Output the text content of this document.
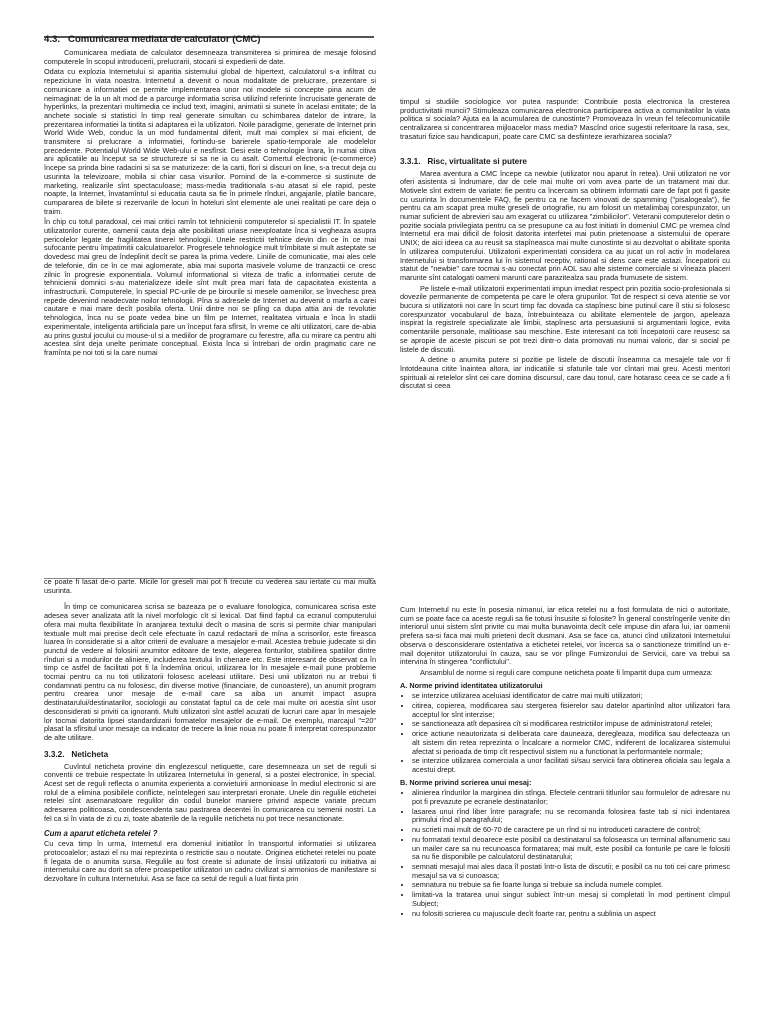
4.3. Comunicarea mediata de calculator (CMC)

Comunicarea mediata de calculator desemneaza transmiterea si primirea de mesaje folosind computerele în scopul introducerii, prelucrarii, stocarii si expedierii de date.

Odata cu explozia Internetului si aparitia sistemului global de hipertext, calculatorul s-a infiltrat cu repeziciune în viata noastra. Internetul a devenit o noua modalitate de prelucrare, prezentare si comunicare a informatiei ce permite implementarea unor noi modele si concepte pina acum de neimaginat: de la un alt mod de a parcurge informatia scrisa utilizînd referinte încrucisate generate de hyperlinks, la prezentari multimedia ce includ text, imagini, animatii si sunete în acelasi entitate; de la anchete sociale si statistici în timp real generate simultan cu schimbarea datelor de intrare, la prezentarea informatiei la tintita si adaptarea ei la utilizatori. Noile paradigme, generate de Internet prin World Wide Web, conduc la un mod fundamental diferit, mult mai complex si mai eficient, de transmitere si prelucrare a informatiei, fortindu-se barierele spatio-temporale ale modelelor precedente. Potentialul World Wide Web-ului e nesfîrsit. Desi este o tehnologie înara, în numai citiva ani aplicatiile au început sa se structureze si sa ne ia cu asalt. Comertul electronic (e-commerce) începe sa prinda bine radacini si sa se maturizeze: de la carti, flori si discuri on line, s-a trecut deja cu usurinta la televizoare, mobila si chiar casa visurilor. Pornind de la e-commerce si sustinute de marketing, realizarile sînt spectaculoase; mass-media traditionala s-au atasat si ele rapid, peste noapte, la Internet, învatamîntul si educatia cauta sa fie în primele rînduri, angajarile, platile bancare, cumpararea de bilete si rezervarile de locuri în hoteluri sînt elemente ale unei realitati pe care deja o traim.

În chip cu totul paradoxal, cei mai critici ramîn tot tehnicienii computerelor si specialistii IT. În spatele utilizatorilor curente, oamenii cauta deja alte posibilitati uriase neexploatate înca si vegheaza asupra pericolelor legate de fragilitatea tinerei tehnologii. Unele restrictii tehnice devin din ce în ce mai sufocante pentru împatimitii calculatoarelor. Progresele tehnologice mult trîmbitate si mult asteptate se dovedesc mai greu de îndeplinit decît se parea la prima vedere. Liniile de comunicatie, mai ales cele de telefonie, din ce în ce mai aglomerate, abia mai suporta masivele volume de tranzactii ce cresc zilnic în progresie exponentiala. Volumul informational si viteza de trafic a informatiei cerute de tehnicienii domnici s-au materializeze ideile sînt mult prea mari fata de capacitatea existenta a infrastructurii. Computerele, în special PC-urile de pe birourile si mesele oamenilor, se învechesc prea repede devenind neadecvate noilor tehnologii. Pîna si adresele de Internet au devenit o marfa a carei cautare e mai mare decît posibila oferta. Unii dintre noi se plîng ca dupa attia ani de revolutie tehnologica, înca nu se poate vedea bine un film pe Internet, realitatea virtuala e înca în stadii experimentale, inteligenta artificiala pare un început fara sfîrsit, în vreme ce alti utilizatori, care de-abia au prins gustul jocului cu mouse-ul si a mediilor de programare cu ferestre, afla cu mirare ca pentru alti acestea sînt deja unelte perimate conceptual. Exista înca si întrebari de ordin pragmatic care ne framînta pe noi toti si la care numai

timpul si studiile sociologice vor putea raspunde: Contribuie posta electronica la cresterea productivitatii muncii? Stimuleaza comunicarea electronica participarea activa a comunitatilor la viata politica si sociala? Ajuta ea la acumularea de cunostinte? Promoveaza în vreun fel telecomunicatiile centralizarea si concentrarea mijloacelor mass media? Mascînd orice sugestii referitoare la rasa, sex, trasaturi fizice sau handicapuri, poate care CMC sa desfiinteze ierarhizarea sociala?

3.3.1. Risc, virtualitate si putere

Marea aventura a CMC începe ca newbie (utilizator nou aparut în retea). Unii utilizatori ne vor oferi asistenta si îndrumare, dar de cele mai multe ori vom avea parte de un tratament mai dur. Motivele sînt extrem de variate: fie pentru ca încercam sa obtinem informatii care de fapt pot fi gasite cu usurinta în documentele FAQ, fie pentru ca ne facem vinovati de spamming ("pisalogeala"), fie pentru ca am scapat prea multe greseli de ortografie, nu am folosit un metalimbaj corespunzator, un numar suficient de abrevieri sau am exagerat cu utilizarea "zimbilicilor". Veteranii computerelor detin o pozitie sociala privilegiata pentru ca se presupune ca au fost initiati în domeniul CMC pe vremea cînd Internetul era mai dificil de folosit datorita interfetei mai putin prietenoase a sistemului de operare UNIX; de aici ideea ca au reusit sa stapîneasca mai multe cunostinte si au dezvoltat o abilitate sporita în utilizarea computerului. Utilizatorii experimentati considera ca au jucat un rol activ în modelarea Internetului si transformarea lui în sistemul receptiv, rational si dens care este astazi. Începatorii cu statut de "newbie" care tocmai s-au conectat prin AOL sau alte sisteme comerciale si vîneaza placeri marunte sînt catalogati oameni marunti care parazitealza sau prada frumusete de sistem.

Pe listele e-mail utilizatorii experimentati impun imediat respect prin pozitia socio-profesionala si dovezile permanente de competenta pe care le ofera grupurilor. Tot de respect si ceva atentie se vor bucura si utilizatorii noi care în scurt timp fac dovada ca stapînesc bine putinul care îl stiu si folosesc corespunzator vocabularul de baza, întrebuinteaza cu abilitate elementele de jargon, apeleaza inspirat la registrele specializate ale limbii, stapînesc arta persuasiunii si argumentarii logice, evita comentariile personale, malitioase sau meschine. Este interesant ca toti începatorii care reusesc sa se apropie de aceste piscuri se pot trezi dintr-o data promovati nu numai valoric, dar si social pe listele de discutii.

A detine o anumita putere si pozitie pe listele de discutii înseamna ca mesajele tale vor fi întotdeauna citite înaintea altora, iar indicatiile si sfaturile tale vor cîntari mai greu. Acesti mentori spirituali ai retelelor sînt cei care domina discursul, care dau tonul, care hotarasc ceea ce se cade a fi discutat si ceea

ce poate fi lasat de-o parte. Micile lor greseli mai pot fi trecute cu vederea sau iertate cu mai multa usurinta.

În timp ce comunicarea scrisa se bazeaza pe o evaluare fonologica, comunicarea scrisa este adesea sever analizata atît la nivel morfologic cît si lexical. Dat fiind faptul ca ecranul computerului ofera mai multa flexibilitate în aranjarea textului decît o masina de scris si permite chiar manipulari textuale mult mai precise decît cele efectuate în cazul redactarii de mîna a scrisorilor, este fireasca luarea în consideratie si a altor criterii de evaluare a mesajelor e-mail. Acestea trebuie judecate si din punctul de vedere al folosirii anumitor editoare de texte, alegerea fonturilor, stabilirea spatiilor dintre rînduri si a modurilor de aliniere, includerea textului în chenare etc. Este interesant de observat ca în timp ce astfel de facilitati pot fi la îndemîna oricui, utilizarea lor în mesajele e-mail pune probleme tocmai pentru ca nu toti utilizatorii folosesc aceleasi utilitare. Desi unii utilizatori nu ar trebui fi condamnati pentru ca nu folosesc, din diverse motive (financiare, de cunoastere), un anumit program pentru crearea unor mesaje de e-mail care sa aiba un anumit impact asupra destinatarului/destinatarilor, sociologii au constatat faptul ca de cele mai multe ori acestia sînt usor desconsiderati si priviti ca ignoranti. Multi utilizatori sînt astfel acuzati de lucruri care apar în mesajele lor tocmai datorita lipsei standardizarii formatelor mesajelor de e-mail. De exemplu, marcajul "=20" plasat la sfîrsitul unor mesaje ca indicator de trecere la linie noua nu poate fi interpretat corespunzator de alte utilitare.

3.3.2. Neticheta

Cuvîntul neticheta provine din englezescul netiquette, care desemneaza un set de reguli si conventii ce trebuie respectate în utilizarea Internetului în general, si a postei electronice, în special. Acest set de reguli reflecta o anumita experienta a convietuirii armonioase în mediul electronic si are rolul de a elimina posibilele conflicte, neîntelegeri sau interpretari eronate. Unele din regulile etichetei retelei sînt asemanatoare regulilor din codul bunelor maniere privind aspecte variate precum adresarea politicoasa, condescendenta sau pastrarea decentei în comunicarea cu semenii nostri. La fel ca si în viata de zi cu zi, toate abaterile de la regulile neticheta nu pot trece nesanctionate.

Cum a aparut eticheta retelei ?

Cu ceva timp în urma, Internetul era domeniul initiatilor în transportul informatiei si utilizarea protocoalelor; astazi el nu mai reprezinta o restrictie sau o noutate. Originea etichetei retelei nu poate fi legata de o anumita sursa. Regulile au fost create si adunate de însisi utilizatorii cu initiativa ai internetului care au dorit sa ofere proaspetilor utilizatori un cadru civilizat si armonios de manifestare si dezvoltare în cultura Internetului. Asa se face ca setul de reguli a luat fiinta prin

Cum Internetul nu este în posesia nimanui, iar etica retelei nu a fost formulata de nici o autoritate, cum se poate face ca aceste reguli sa fie totusi însusite si folosite? În general constrîngerile venite din interiorul unui sistem sînt privite cu mai multa bunavointa decît cele impuse din afara lui, iar oamenii prefera sa-si faca mai multi prieteni decît dusmani. Asa se face ca, atunci cînd utilizatorii Internetului observa o desconsiderare ostentativa a etichetei retelei, vor încerca sa o sanctioneze trimitînd un e-mail dojenitor utilizatorului în cauza, sau se vor plînge Furnizorului de Servicii, care va trebui sa intervina în stingerea "conflictului".

Ansamblul de norme si reguli care compune neticheta poate fi împartit dupa cum urmeaza:

A. Norme privind identitatea utilizatorului
• se interzice utilizarea aceluiasi identificator de catre mai multi utilizatori;
• citirea, copierea, modificarea sau stergerea fisierelor sau datelor apartinînd altor utilizatori fara acceptul lor sînt interzise;
• se sanctioneaza atît depasirea cît si modificarea restrictiilor impuse de administratorul retelei;
• orice actiune neautorizata si deliberata care dauneaza, deregleaza, modifica sau defecteaza un alt sistem din retea reprezinta o încalcare a normelor CMC, indiferent de localizarea sistemului afectat si perioada de timp cît respectivul sistem nu a functionat la performantele normale;
• se interzice utilizarea comerciala a unor facilitati si/sau servicii fara obtinerea oficiala sau legala a acestui drept.
B. Norme privind scrierea unui mesaj:
• alinierea rîndurilor la marginea din stînga. Efectele centrarii titlurilor sau formulelor de adresare nu pot fi prevazute pe ecranele destinatarilor;
• lasarea unui rînd liber între paragrafe; nu se recomanda folosirea faste tab si nici indentarea primului rînd al paragrafului;
• nu scrieti mai mult de 60-70 de caractere pe un rînd si nu introduceti caractere de control;
• nu formatati textul deoarece este posibil ca destinatarul sa foloseasca un terminal alfanumeric sau un mailer care sa nu recunoasca formatarea; mai mult, este posibil ca fonturile pe care le folositi sa nu fie disponibile pe calculatorul destinatarului;
• semnati mesajul mai ales daca îl postati într-o lista de discutii; e posibil ca nu toti cei care primesc mesajul sa va si cunoasca;
• semnatura nu trebuie sa fie foarte lunga si trebuie sa includa numele complet.
• limitati-va la tratarea unui singur subiect într-un mesaj si completati în mod pertinent cîmpul Subject;
• nu folositi scrierea cu majuscule decît foarte rar, pentru a sublinia un aspect
